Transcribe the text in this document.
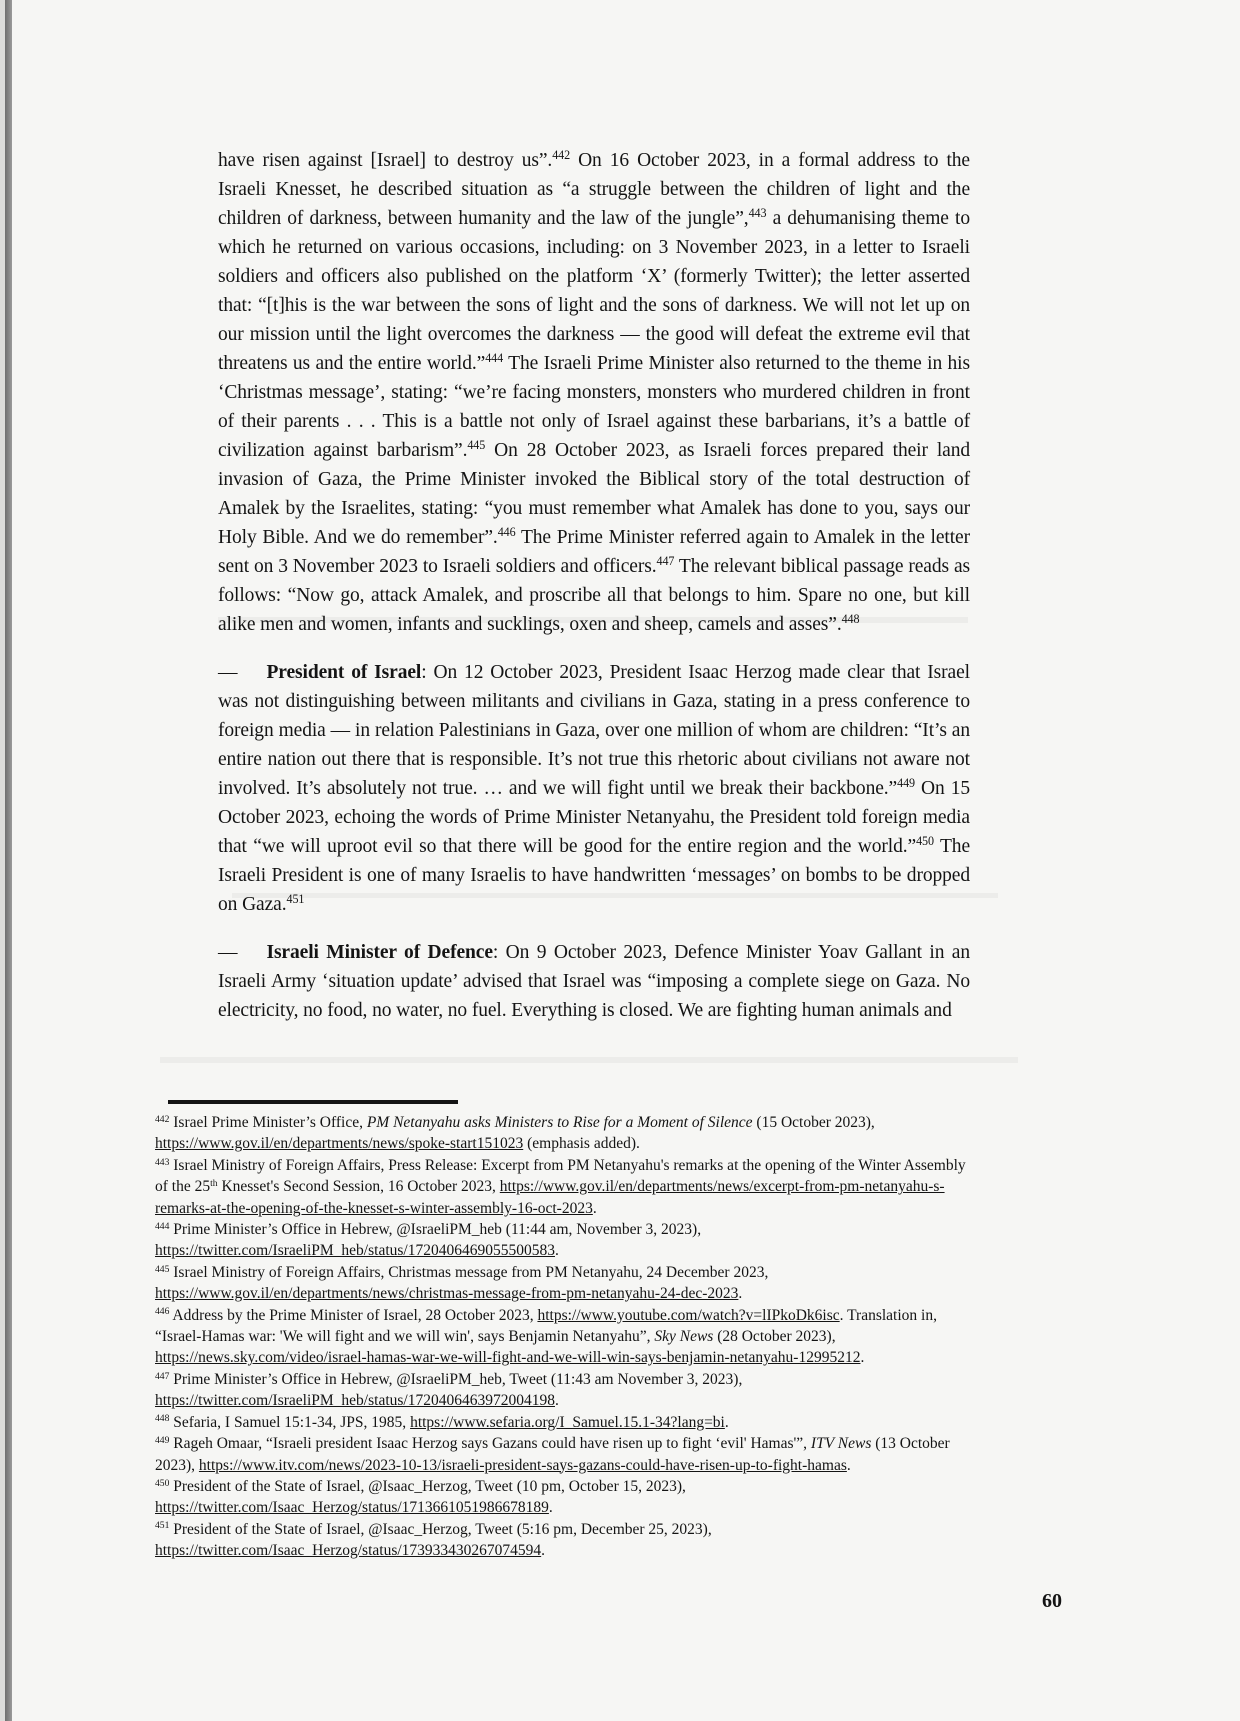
have risen against [Israel] to destroy us”.$^{442}$ On 16 October 2023, in a formal address to the Israeli Knesset, he described situation as “a struggle between the children of light and the children of darkness, between humanity and the law of the jungle”,$^{443}$ a dehumanising theme to which he returned on various occasions, including: on 3 November 2023, in a letter to Israeli soldiers and officers also published on the platform ‘X’ (formerly Twitter); the letter asserted that: “[t]his is the war between the sons of light and the sons of darkness. We will not let up on our mission until the light overcomes the darkness — the good will defeat the extreme evil that threatens us and the entire world.”$^{444}$ The Israeli Prime Minister also returned to the theme in his ‘Christmas message’, stating: “we’re facing monsters, monsters who murdered children in front of their parents . . . This is a battle not only of Israel against these barbarians, it’s a battle of civilization against barbarism”.$^{445}$ On 28 October 2023, as Israeli forces prepared their land invasion of Gaza, the Prime Minister invoked the Biblical story of the total destruction of Amalek by the Israelites, stating: “you must remember what Amalek has done to you, says our Holy Bible. And we do remember”.$^{446}$ The Prime Minister referred again to Amalek in the letter sent on 3 November 2023 to Israeli soldiers and officers.$^{447}$ The relevant biblical passage reads as follows: “Now go, attack Amalek, and proscribe all that belongs to him. Spare no one, but kill alike men and women, infants and sucklings, oxen and sheep, camels and asses”.$^{448}$

—  President of Israel: On 12 October 2023, President Isaac Herzog made clear that Israel was not distinguishing between militants and civilians in Gaza, stating in a press conference to foreign media — in relation Palestinians in Gaza, over one million of whom are children: “It’s an entire nation out there that is responsible. It’s not true this rhetoric about civilians not aware not involved. It’s absolutely not true. … and we will fight until we break their backbone.”$^{449}$ On 15 October 2023, echoing the words of Prime Minister Netanyahu, the President told foreign media that “we will uproot evil so that there will be good for the entire region and the world.”$^{450}$ The Israeli President is one of many Israelis to have handwritten ‘messages’ on bombs to be dropped on Gaza.$^{451}$

—  Israeli Minister of Defence: On 9 October 2023, Defence Minister Yoav Gallant in an Israeli Army ‘situation update’ advised that Israel was “imposing a complete siege on Gaza. No electricity, no food, no water, no fuel. Everything is closed. We are fighting human animals and

$^{442}$ Israel Prime Minister’s Office, PM Netanyahu asks Ministers to Rise for a Moment of Silence (15 October 2023), https://www.gov.il/en/departments/news/spoke-start151023 (emphasis added).

$^{443}$ Israel Ministry of Foreign Affairs, Press Release: Excerpt from PM Netanyahu's remarks at the opening of the Winter Assembly of the 25th Knesset's Second Session, 16 October 2023, https://www.gov.il/en/departments/news/excerpt-from-pm-netanyahu-s-remarks-at-the-opening-of-the-knesset-s-winter-assembly-16-oct-2023.

$^{444}$ Prime Minister’s Office in Hebrew, @IsraeliPM_heb (11:44 am, November 3, 2023), https://twitter.com/IsraeliPM_heb/status/1720406469055500583.

$^{445}$ Israel Ministry of Foreign Affairs, Christmas message from PM Netanyahu, 24 December 2023, https://www.gov.il/en/departments/news/christmas-message-from-pm-netanyahu-24-dec-2023.

$^{446}$ Address by the Prime Minister of Israel, 28 October 2023, https://www.youtube.com/watch?v=lIPkoDk6isc. Translation in, “Israel-Hamas war: 'We will fight and we will win', says Benjamin Netanyahu”, Sky News (28 October 2023), https://news.sky.com/video/israel-hamas-war-we-will-fight-and-we-will-win-says-benjamin-netanyahu-12995212.

$^{447}$ Prime Minister’s Office in Hebrew, @IsraeliPM_heb, Tweet (11:43 am November 3, 2023), https://twitter.com/IsraeliPM_heb/status/1720406463972004198.

$^{448}$ Sefaria, I Samuel 15:1-34, JPS, 1985, https://www.sefaria.org/I_Samuel.15.1-34?lang=bi.

$^{449}$ Rageh Omaar, “Israeli president Isaac Herzog says Gazans could have risen up to fight ‘evil' Hamas'”, ITV News (13 October 2023), https://www.itv.com/news/2023-10-13/israeli-president-says-gazans-could-have-risen-up-to-fight-hamas.

$^{450}$ President of the State of Israel, @Isaac_Herzog, Tweet (10 pm, October 15, 2023), https://twitter.com/Isaac_Herzog/status/1713661051986678189.

$^{451}$ President of the State of Israel, @Isaac_Herzog, Tweet (5:16 pm, December 25, 2023), https://twitter.com/Isaac_Herzog/status/173933430267074594.

60
